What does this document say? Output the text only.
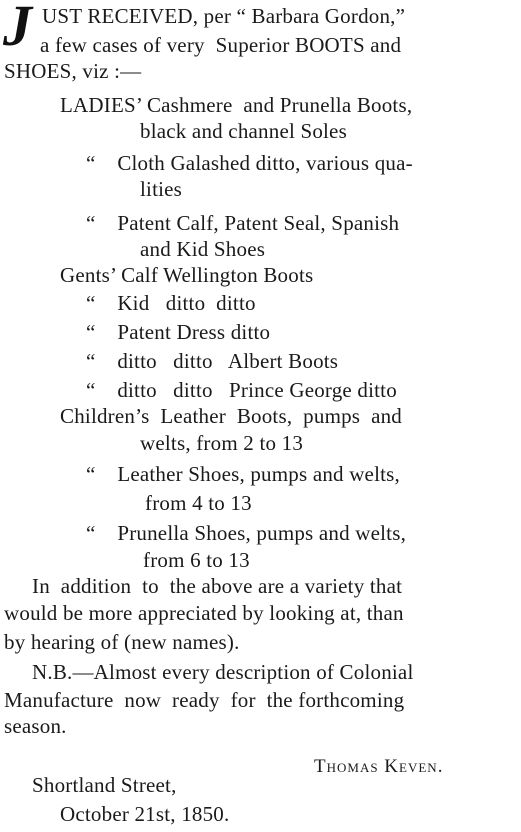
J UST RECEIVED, per “ Barbara Gordon,”
a few cases of very  Superior BOOTS and
SHOES, viz :—
LADIES’ Cashmere  and Prunella Boots,
black and channel Soles
“    Cloth Galashed ditto, various qua-
lities
“    Patent Calf, Patent Seal, Spanish
and Kid Shoes
Gents’ Calf Wellington Boots
“    Kid   ditto  ditto
“    Patent Dress ditto
“    ditto   ditto   Albert Boots
“    ditto   ditto   Prince George ditto
Children’s  Leather  Boots,  pumps  and
welts, from 2 to 13
“    Leather Shoes, pumps and welts,
from 4 to 13
“    Prunella Shoes, pumps and welts,
from 6 to 13
In  addition  to  the above are a variety that
would be more appreciated by looking at, than
by hearing of (new names).
N.B.—Almost every description of Colonial
Manufacture  now  ready  for  the forthcoming
season.
Thomas Keven.
Shortland Street,
October 21st, 1850.
